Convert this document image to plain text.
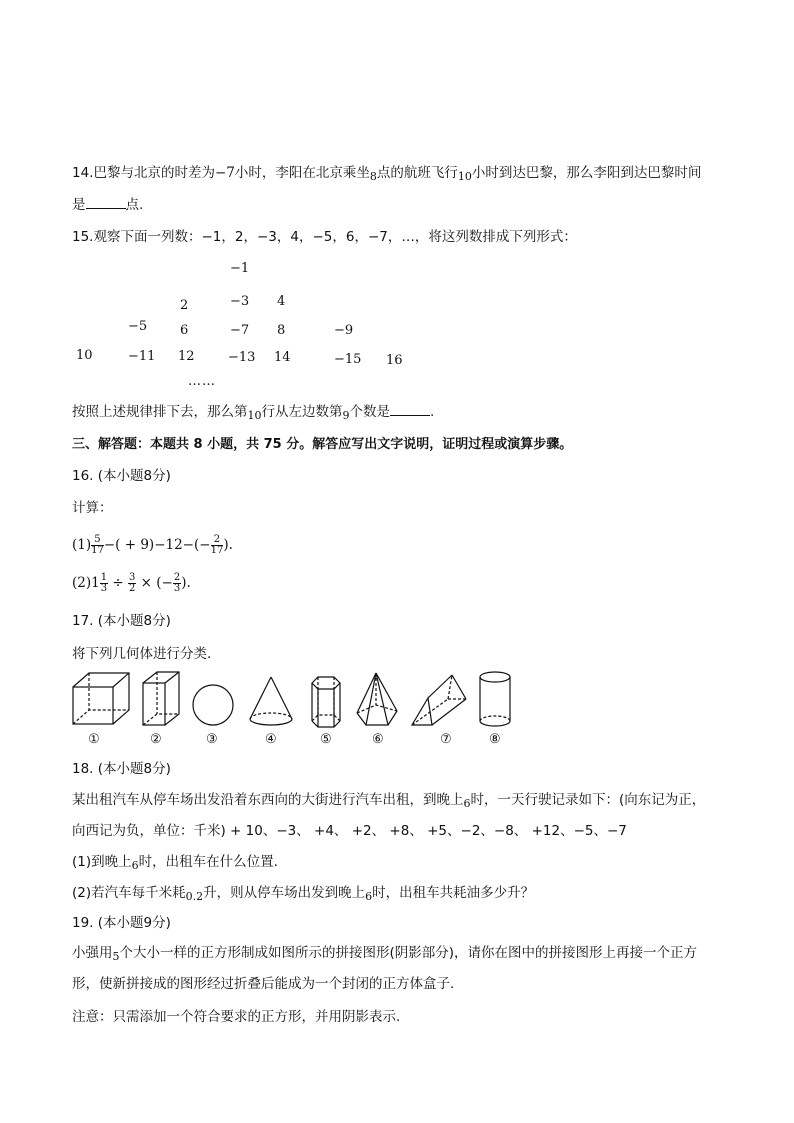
14.巴黎与北京的时差为−7小时，李阳在北京乘坐$_8$点的航班飞行$_{10}$小时到达巴黎，那么李阳到达巴黎时间
是	点.
15.观察下面一列数：−1，2，−3，4，−5，6，−7，…，将这列数排成下列形式：
−1
2	−3 4
−5	6	−7 8	−9
10	−11 12	−13 14	−15 16
……
按照上述规律排下去，那么第$_{10}$行从左边数第$_9$个数是	.
三、解答题：本题共 8 小题，共 75 分。解答应写出文字说明，证明过程或演算步骤。
16. (本小题8分)
计算：
$(1) \frac{5}{17}$ −( + $9)-12-(- \frac{2}{17}$ ).
$(2)1 \frac{1}{3} \div \frac{3}{2}$ × (− $\frac{2}{3}$ ).
17. (本小题8分)
将下列几何体进行分类.
①	②	③	④	⑤	⑥	⑦	⑧
18. (本小题8分)
某出租汽车从停车场出发沿着东西向的大街进行汽车出租，到晚上$_6$时，一天行驶记录如下：(向东记为正，
向西记为负，单位：千米) + 10、−3、 +4、 +2、 +8、 +5、−2、−8、 +12、−5、−7
(1)到晚上$_6$时，出租车在什么位置.
(2)若汽车每千米耗$_{0.2}$升，则从停车场出发到晚上$_6$时，出租车共耗油多少升？
19. (本小题9分)
小强用$_5$个大小一样的正方形制成如图所示的拼接图形(阴影部分)，请你在图中的拼接图形上再接一个正方
形，使新拼接成的图形经过折叠后能成为一个封闭的正方体盒子.
注意：只需添加一个符合要求的正方形，并用阴影表示.
